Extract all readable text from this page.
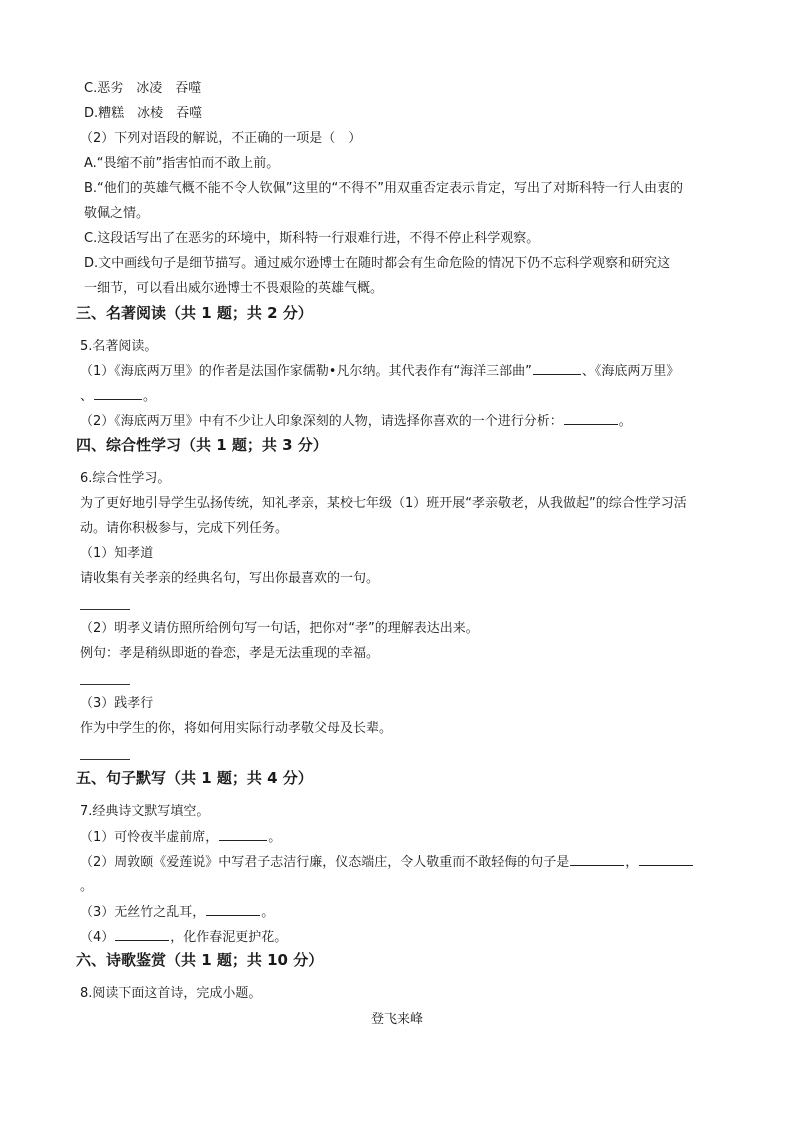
C.恶劣　冰凌　吞噬
D.糟糕　冰棱　吞噬
（2）下列对语段的解说，不正确的一项是（　）
A.“畏缩不前”指害怕而不敢上前。
B.“他们的英雄气概不能不令人钦佩”这里的“不得不”用双重否定表示肯定，写出了对斯科特一行人由衷的
敬佩之情。
C.这段话写出了在恶劣的环境中，斯科特一行艰难行进，不得不停止科学观察。
D.文中画线句子是细节描写。通过威尔逊博士在随时都会有生命危险的情况下仍不忘科学观察和研究这
一细节，可以看出威尔逊博士不畏艰险的英雄气概。
三、名著阅读（共 1 题；共 2 分）
5.名著阅读。
（1）《海底两万里》的作者是法国作家儒勒•凡尔纳。其代表作有“海洋三部曲”	、《海底两万里》
、	。
（2）《海底两万里》中有不少让人印象深刻的人物，请选择你喜欢的一个进行分析：	。
四、综合性学习（共 1 题；共 3 分）
6.综合性学习。
为了更好地引导学生弘扬传统，知礼孝亲，某校七年级（1）班开展“孝亲敬老，从我做起”的综合性学习活
动。请你积极参与，完成下列任务。
（1）知孝道
请收集有关孝亲的经典名句，写出你最喜欢的一句。
（2）明孝义请仿照所给例句写一句话，把你对“孝”的理解表达出来。
例句：孝是稍纵即逝的眷恋，孝是无法重现的幸福。
（3）践孝行
作为中学生的你，将如何用实际行动孝敬父母及长辈。
五、句子默写（共 1 题；共 4 分）
7.经典诗文默写填空。
（1）可怜夜半虚前席，	。
（2）周敦颐《爱莲说》中写君子志洁行廉，仪态端庄，令人敬重而不敢轻侮的句子是	，
。
（3）无丝竹之乱耳，	。
（4）	，化作春泥更护花。
六、诗歌鉴赏（共 1 题；共 10 分）
8.阅读下面这首诗，完成小题。
登飞来峰
